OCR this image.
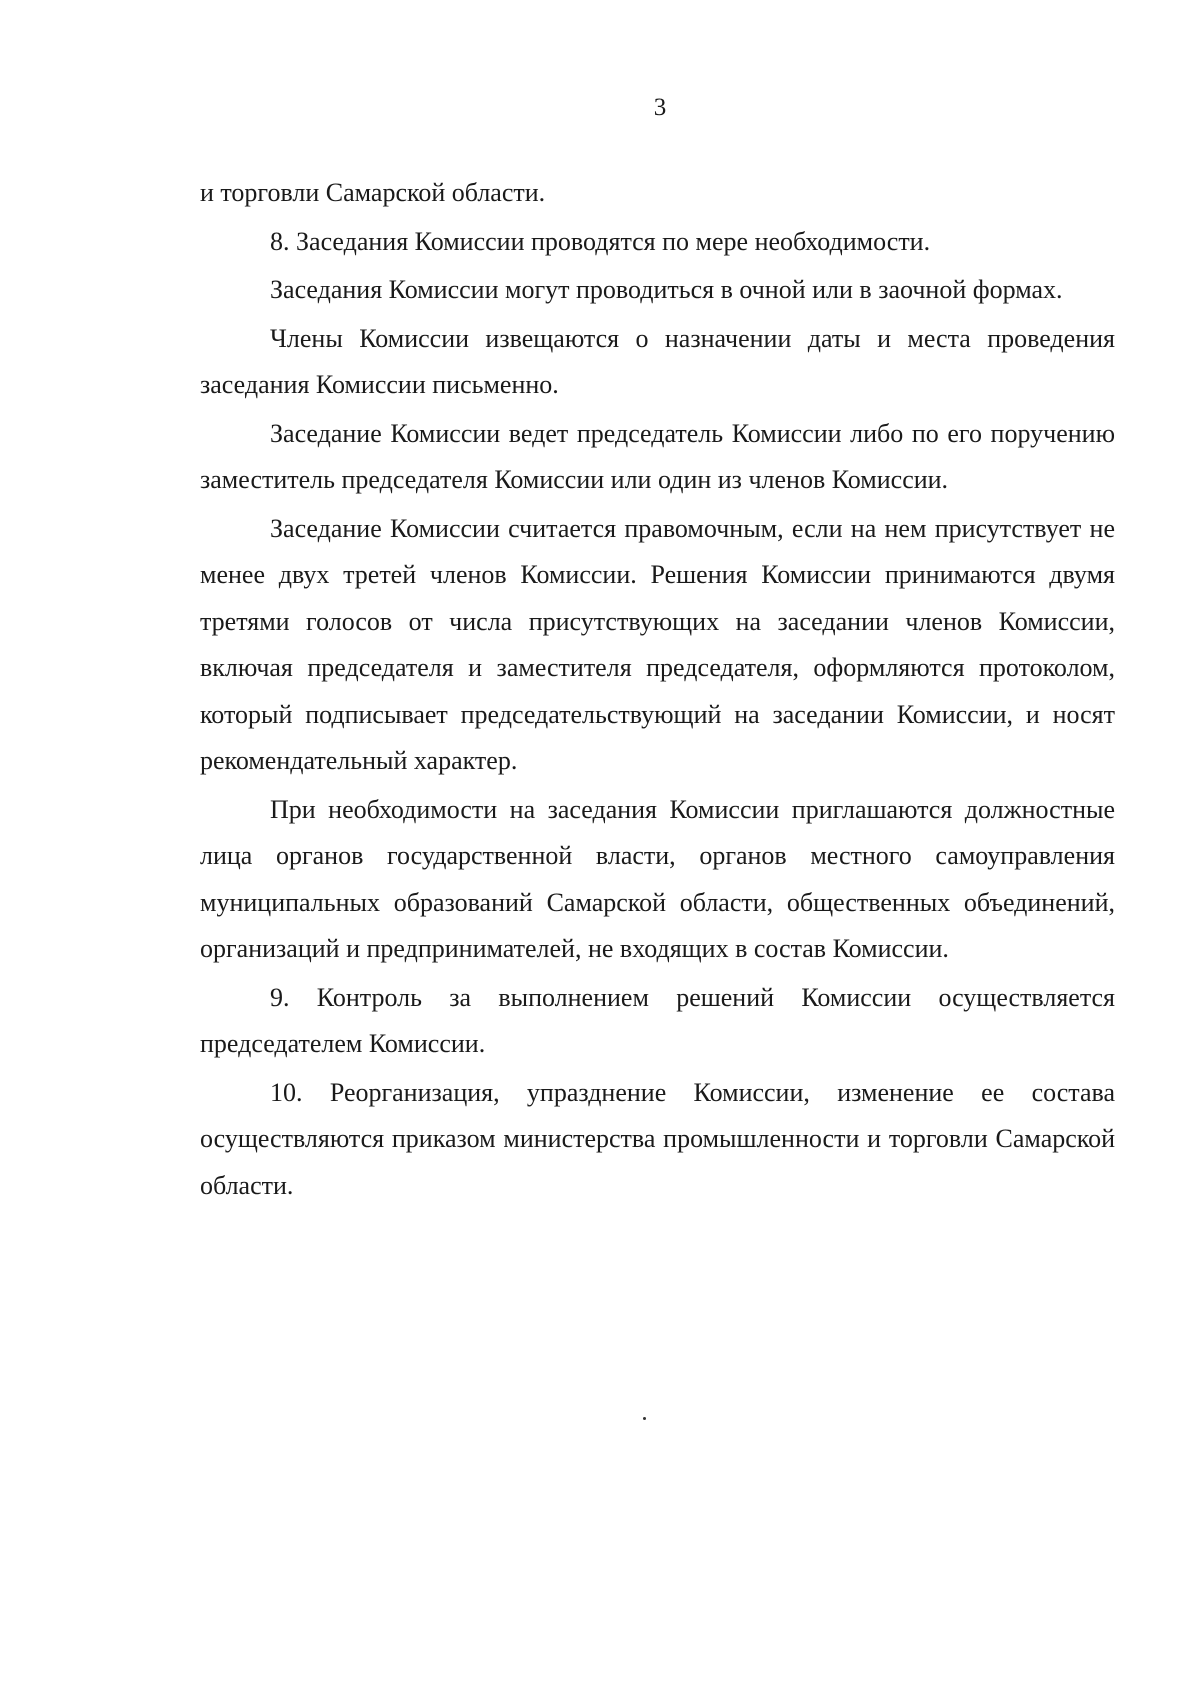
3

и торговли Самарской области.

8. Заседания Комиссии проводятся по мере необходимости.

Заседания Комиссии могут проводиться в очной или в заочной формах.

Члены Комиссии извещаются о назначении даты и места проведения заседания Комиссии письменно.

Заседание Комиссии ведет председатель Комиссии либо по его поручению заместитель председателя Комиссии или один из членов Комиссии.

Заседание Комиссии считается правомочным, если на нем присутствует не менее двух третей членов Комиссии. Решения Комиссии принимаются двумя третями голосов от числа присутствующих на заседании членов Комиссии, включая председателя и заместителя председателя, оформляются протоколом, который подписывает председательствующий на заседании Комиссии, и носят рекомендательный характер.

При необходимости на заседания Комиссии приглашаются должностные лица органов государственной власти, органов местного самоуправления муниципальных образований Самарской области, общественных объединений, организаций и предпринимателей, не входящих в состав Комиссии.

9. Контроль за выполнением решений Комиссии осуществляется председателем Комиссии.

10. Реорганизация, упразднение Комиссии, изменение ее состава осуществляются приказом министерства промышленности и торговли Самарской области.
